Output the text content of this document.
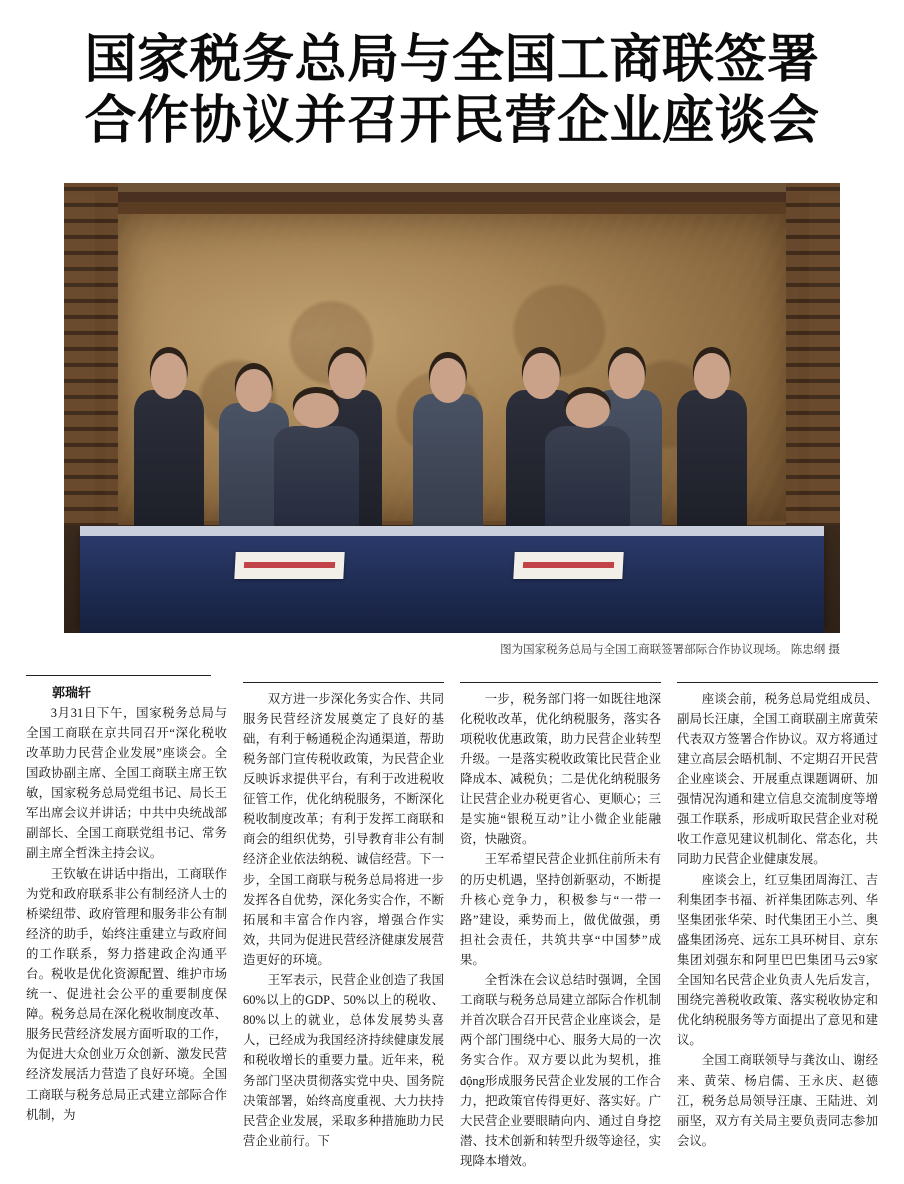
国家税务总局与全国工商联签署
合作协议并召开民营企业座谈会
图为国家税务总局与全国工商联签署部际合作协议现场。 陈忠纲 摄

郭瑞轩

3月31日下午，国家税务总局与全国工商联在京共同召开“深化税收改革助力民营企业发展”座谈会。全国政协副主席、全国工商联主席王钦敏，国家税务总局党组书记、局长王军出席会议并讲话；中共中央统战部副部长、全国工商联党组书记、常务副主席全哲洙主持会议。

王钦敏在讲话中指出，工商联作为党和政府联系非公有制经济人士的桥梁纽带、政府管理和服务非公有制经济的助手，始终注重建立与政府间的工作联系，努力搭建政企沟通平台。税收是优化资源配置、维护市场统一、促进社会公平的重要制度保障。税务总局在深化税收制度改革、服务民营经济发展方面听取的工作，为促进大众创业万众创新、激发民营经济发展活力营造了良好环境。全国工商联与税务总局正式建立部际合作机制，为

双方进一步深化务实合作、共同服务民营经济发展奠定了良好的基础，有利于畅通税企沟通渠道，帮助税务部门宣传税收政策，为民营企业反映诉求提供平台，有利于改进税收征管工作，优化纳税服务，不断深化税收制度改革；有利于发挥工商联和商会的组织优势，引导教育非公有制经济企业依法纳税、诚信经营。下一步，全国工商联与税务总局将进一步发挥各自优势，深化务实合作，不断拓展和丰富合作内容，增强合作实效，共同为促进民营经济健康发展营造更好的环境。

王军表示，民营企业创造了我国60%以上的GDP、50%以上的税收、80%以上的就业，总体发展势头喜人，已经成为我国经济持续健康发展和税收增长的重要力量。近年来，税务部门坚决贯彻落实党中央、国务院决策部署，始终高度重视、大力扶持民营企业发展，采取多种措施助力民营企业前行。下

一步，税务部门将一如既往地深化税收改革，优化纳税服务，落实各项税收优惠政策，助力民营企业转型升级。一是落实税收政策比民营企业降成本、减税负；二是优化纳税服务让民营企业办税更省心、更顺心；三是实施“银税互动”让小微企业能融资，快融资。

王军希望民营企业抓住前所未有的历史机遇，坚持创新驱动，不断提升核心竞争力，积极参与“一带一路”建设，乘势而上，做优做强，勇担社会责任，共筑共享“中国梦”成果。

全哲洙在会议总结时强调，全国工商联与税务总局建立部际合作机制并首次联合召开民营企业座谈会，是两个部门围绕中心、服务大局的一次务实合作。双方要以此为契机，推động形成服务民营企业发展的工作合力，把政策官传得更好、落实好。广大民营企业要眼睛向内、通过自身挖潜、技术创新和转型升级等途径，实现降本增效。

座谈会前，税务总局党组成员、副局长汪康，全国工商联副主席黄荣代表双方签署合作协议。双方将通过建立高层会晤机制、不定期召开民营企业座谈会、开展重点课题调研、加强情况沟通和建立信息交流制度等增强工作联系，形成听取民营企业对税收工作意见建议机制化、常态化，共同助力民营企业健康发展。

座谈会上，红豆集团周海江、吉利集团李书福、祈祥集团陈志列、华坚集团张华荣、时代集团王小兰、奥盛集团汤亮、远东工具环树目、京东集团刘强东和阿里巴巴集团马云9家全国知名民营企业负责人先后发言，围绕完善税收政策、落实税收协定和优化纳税服务等方面提出了意见和建议。

全国工商联领导与龚汝山、谢经来、黄荣、杨启儒、王永庆、赵德江，税务总局领导汪康、王陆进、刘丽坚，双方有关局主要负责同志参加会议。
